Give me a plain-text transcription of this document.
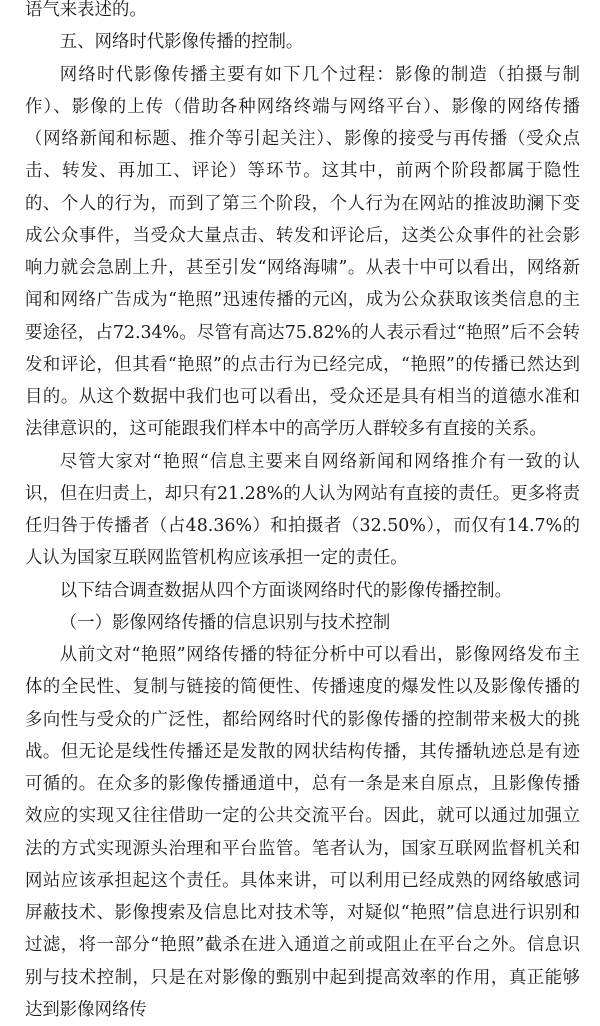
语气来表述的。

五、网络时代影像传播的控制。

网络时代影像传播主要有如下几个过程：影像的制造（拍摄与制作）、影像的上传（借助各种网络终端与网络平台）、影像的网络传播（网络新闻和标题、推介等引起关注）、影像的接受与再传播（受众点击、转发、再加工、评论）等环节。这其中，前两个阶段都属于隐性的、个人的行为，而到了第三个阶段，个人行为在网站的推波助澜下变成公众事件，当受众大量点击、转发和评论后，这类公众事件的社会影响力就会急剧上升，甚至引发“网络海啸”。从表十中可以看出，网络新闻和网络广告成为“艳照”迅速传播的元凶，成为公众获取该类信息的主要途径，占72.34%。尽管有高达75.82%的人表示看过“艳照”后不会转发和评论，但其看“艳照”的点击行为已经完成，“艳照”的传播已然达到目的。从这个数据中我们也可以看出，受众还是具有相当的道德水准和法律意识的，这可能跟我们样本中的高学历人群较多有直接的关系。

尽管大家对“艳照“信息主要来自网络新闻和网络推介有一致的认识，但在归责上，却只有21.28%的人认为网站有直接的责任。更多将责任归咎于传播者（占48.36%）和拍摄者（32.50%），而仅有14.7%的人认为国家互联网监管机构应该承担一定的责任。

以下结合调查数据从四个方面谈网络时代的影像传播控制。

（一）影像网络传播的信息识别与技术控制

从前文对“艳照”网络传播的特征分析中可以看出，影像网络发布主体的全民性、复制与链接的简便性、传播速度的爆发性以及影像传播的多向性与受众的广泛性，都给网络时代的影像传播的控制带来极大的挑战。但无论是线性传播还是发散的网状结构传播，其传播轨迹总是有迹可循的。在众多的影像传播通道中，总有一条是来自原点，且影像传播效应的实现又往往借助一定的公共交流平台。因此，就可以通过加强立法的方式实现源头治理和平台监管。笔者认为，国家互联网监督机关和网站应该承担起这个责任。具体来讲，可以利用已经成熟的网络敏感词屏蔽技术、影像搜索及信息比对技术等，对疑似“艳照”信息进行识别和过滤，将一部分“艳照”截杀在进入通道之前或阻止在平台之外。信息识别与技术控制，只是在对影像的甄别中起到提高效率的作用，真正能够达到影像网络传
